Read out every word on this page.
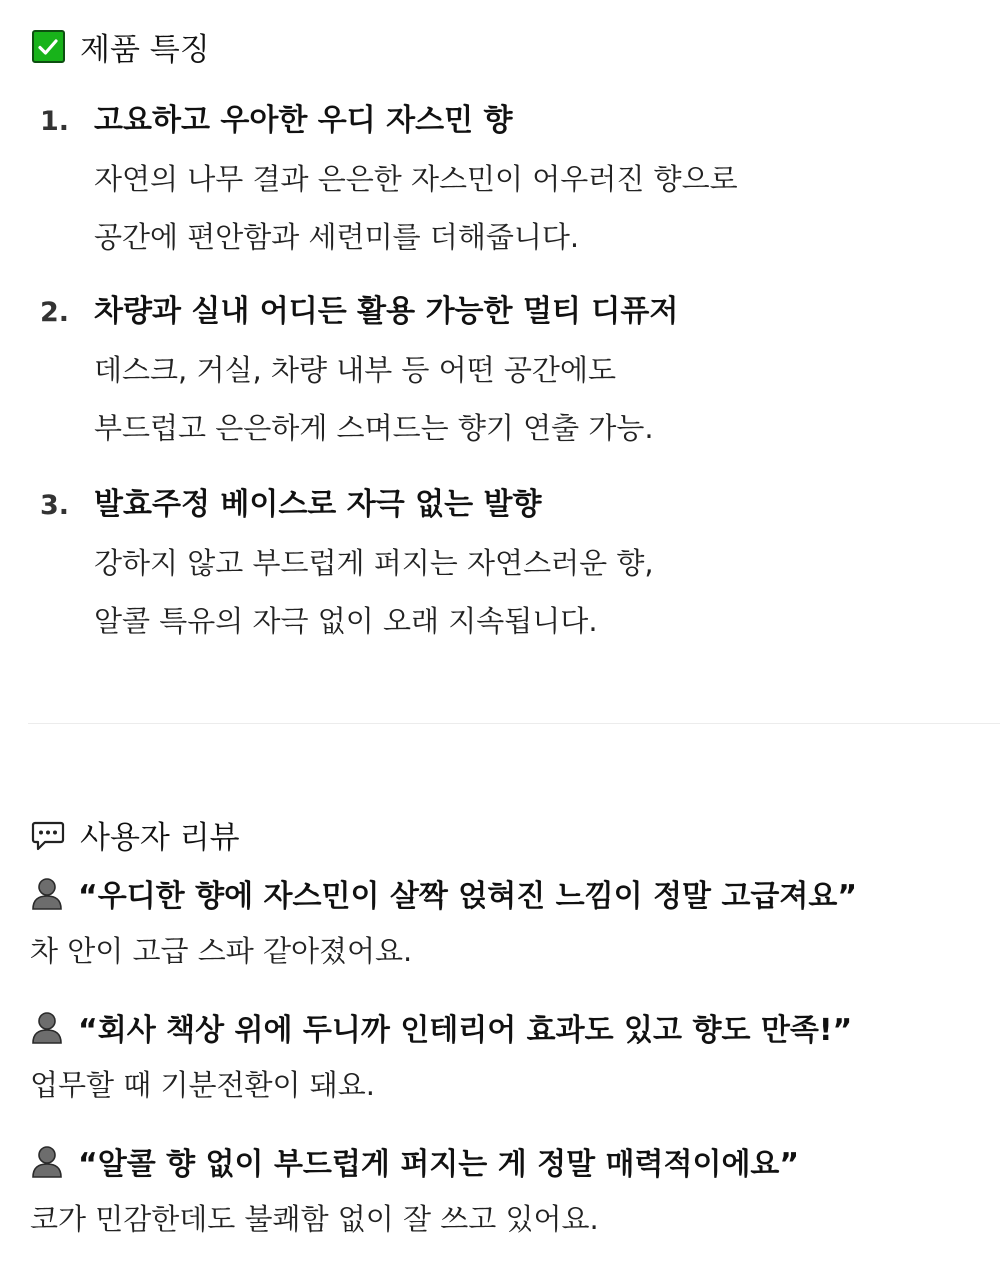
제품 특징
1. 고요하고 우아한 우디 자스민 향
자연의 나무 결과 은은한 자스민이 어우러진 향으로
공간에 편안함과 세련미를 더해줍니다.
2. 차량과 실내 어디든 활용 가능한 멀티 디퓨저
데스크, 거실, 차량 내부 등 어떤 공간에도
부드럽고 은은하게 스며드는 향기 연출 가능.
3. 발효주정 베이스로 자극 없는 발향
강하지 않고 부드럽게 퍼지는 자연스러운 향,
알콜 특유의 자극 없이 오래 지속됩니다.
사용자 리뷰
“우디한 향에 자스민이 살짝 얹혀진 느낌이 정말 고급져요”
차 안이 고급 스파 같아졌어요.
“회사 책상 위에 두니까 인테리어 효과도 있고 향도 만족!”
업무할 때 기분전환이 돼요.
“알콜 향 없이 부드럽게 퍼지는 게 정말 매력적이에요”
코가 민감한데도 불쾌함 없이 잘 쓰고 있어요.
